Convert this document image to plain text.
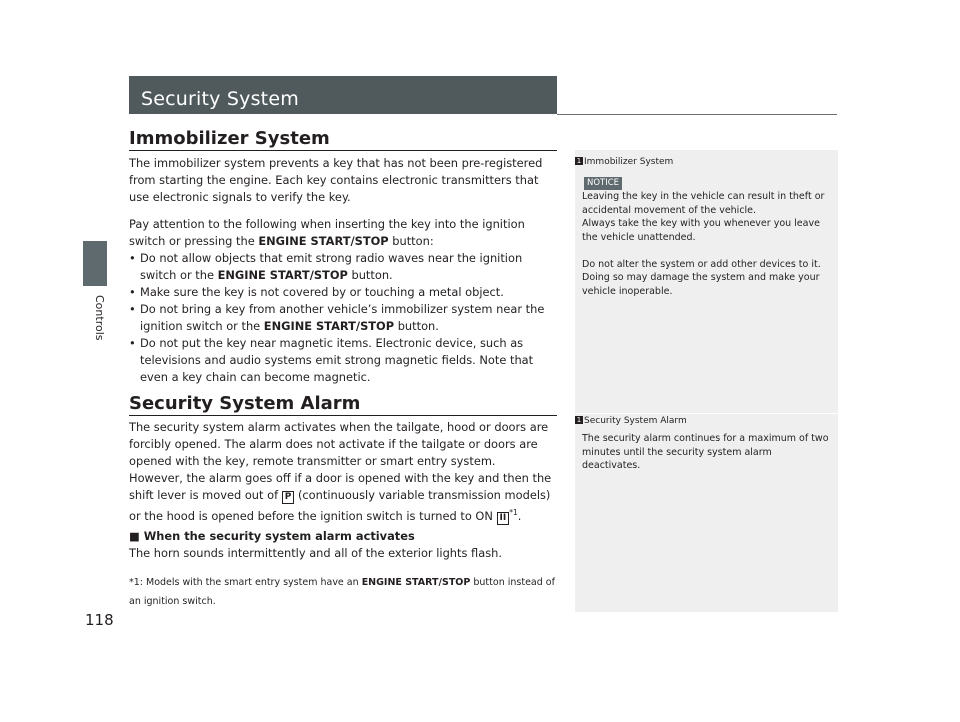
Controls
118
Security System
Immobilizer System

The immobilizer system prevents a key that has not been pre-registered from starting the engine. Each key contains electronic transmitters that use electronic signals to verify the key.

Pay attention to the following when inserting the key into the ignition switch or pressing the ENGINE START/STOP button:

• Do not allow objects that emit strong radio waves near the ignition switch or the ENGINE START/STOP button.
• Make sure the key is not covered by or touching a metal object.
• Do not bring a key from another vehicle’s immobilizer system near the ignition switch or the ENGINE START/STOP button.
• Do not put the key near magnetic items. Electronic device, such as televisions and audio systems emit strong magnetic fields. Note that even a key chain can become magnetic.
Security System Alarm

The security system alarm activates when the tailgate, hood or doors are forcibly opened. The alarm does not activate if the tailgate or doors are opened with the key, remote transmitter or smart entry system.

However, the alarm goes off if a door is opened with the key and then the shift lever is moved out of P (continuously variable transmission models) or the hood is opened before the ignition switch is turned to ON II$^{*1}$.

■ When the security system alarm activates
The horn sounds intermittently and all of the exterior lights flash.

*1: Models with the smart entry system have an ENGINE START/STOP button instead of an ignition switch.

1 Immobilizer System
NOTICE

Leaving the key in the vehicle can result in theft or accidental movement of the vehicle.
Always take the key with you whenever you leave the vehicle unattended.

Do not alter the system or add other devices to it. Doing so may damage the system and make your vehicle inoperable.

1 Security System Alarm

The security alarm continues for a maximum of two minutes until the security system alarm deactivates.
